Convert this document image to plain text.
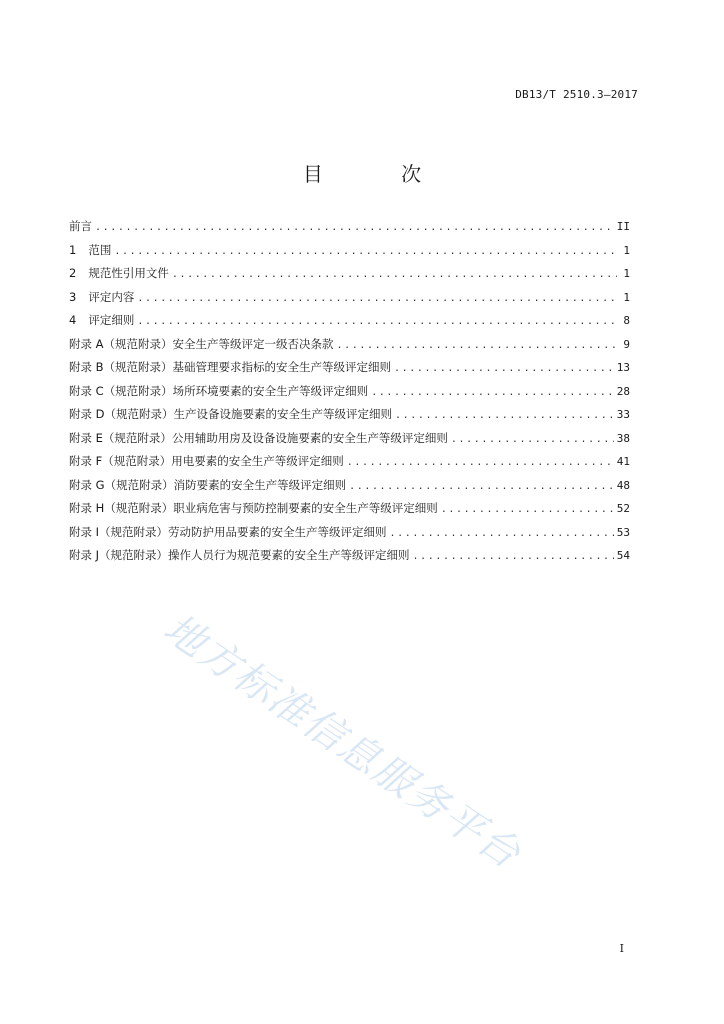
DB13/T 2510.3—2017
目 次
前言 .....	II
1 范围 .....	1
2 规范性引用文件 .....	1
3 评定内容 .....	1
4 评定细则 .....	8
附录 A（规范附录）安全生产等级评定一级否决条款 .....	9
附录 B（规范附录）基础管理要求指标的安全生产等级评定细则 .....	13
附录 C（规范附录）场所环境要素的安全生产等级评定细则 .....	28
附录 D（规范附录）生产设备设施要素的安全生产等级评定细则 .....	33
附录 E（规范附录）公用辅助用房及设备设施要素的安全生产等级评定细则 .....	38
附录 F（规范附录）用电要素的安全生产等级评定细则 .....	41
附录 G（规范附录）消防要素的安全生产等级评定细则 .....	48
附录 H（规范附录）职业病危害与预防控制要素的安全生产等级评定细则 .....	52
附录 I（规范附录）劳动防护用品要素的安全生产等级评定细则 .....	53
附录 J（规范附录）操作人员行为规范要素的安全生产等级评定细则 .....	54
地方标准信息服务平台
I
